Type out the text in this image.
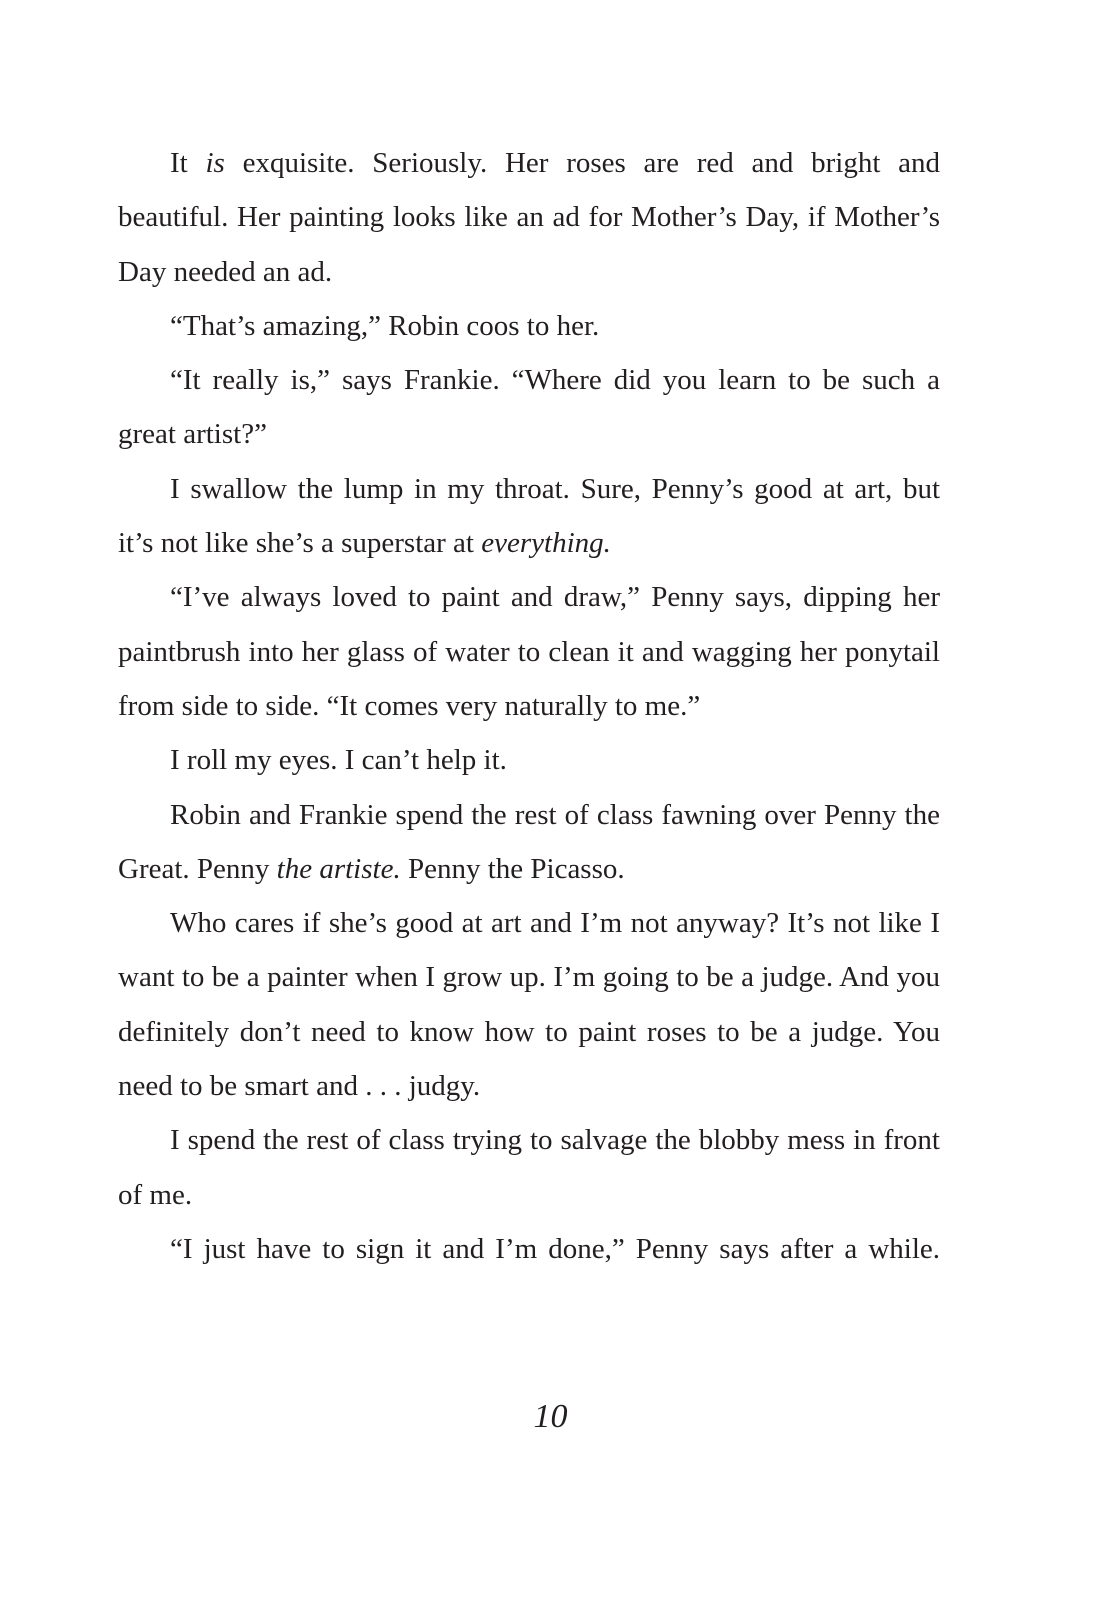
It is exquisite. Seriously. Her roses are red and bright and beautiful. Her painting looks like an ad for Mother’s Day, if Mother’s Day needed an ad.

“That’s amazing,” Robin coos to her.

“It really is,” says Frankie. “Where did you learn to be such a great artist?”

I swallow the lump in my throat. Sure, Penny’s good at art, but it’s not like she’s a superstar at everything.

“I’ve always loved to paint and draw,” Penny says, dipping her paintbrush into her glass of water to clean it and wagging her ponytail from side to side. “It comes very naturally to me.”

I roll my eyes. I can’t help it.

Robin and Frankie spend the rest of class fawning over Penny the Great. Penny the artiste. Penny the Picasso.

Who cares if she’s good at art and I’m not anyway? It’s not like I want to be a painter when I grow up. I’m going to be a judge. And you definitely don’t need to know how to paint roses to be a judge. You need to be smart and . . . judgy.

I spend the rest of class trying to salvage the blobby mess in front of me.

“I just have to sign it and I’m done,” Penny says after a while.

10
